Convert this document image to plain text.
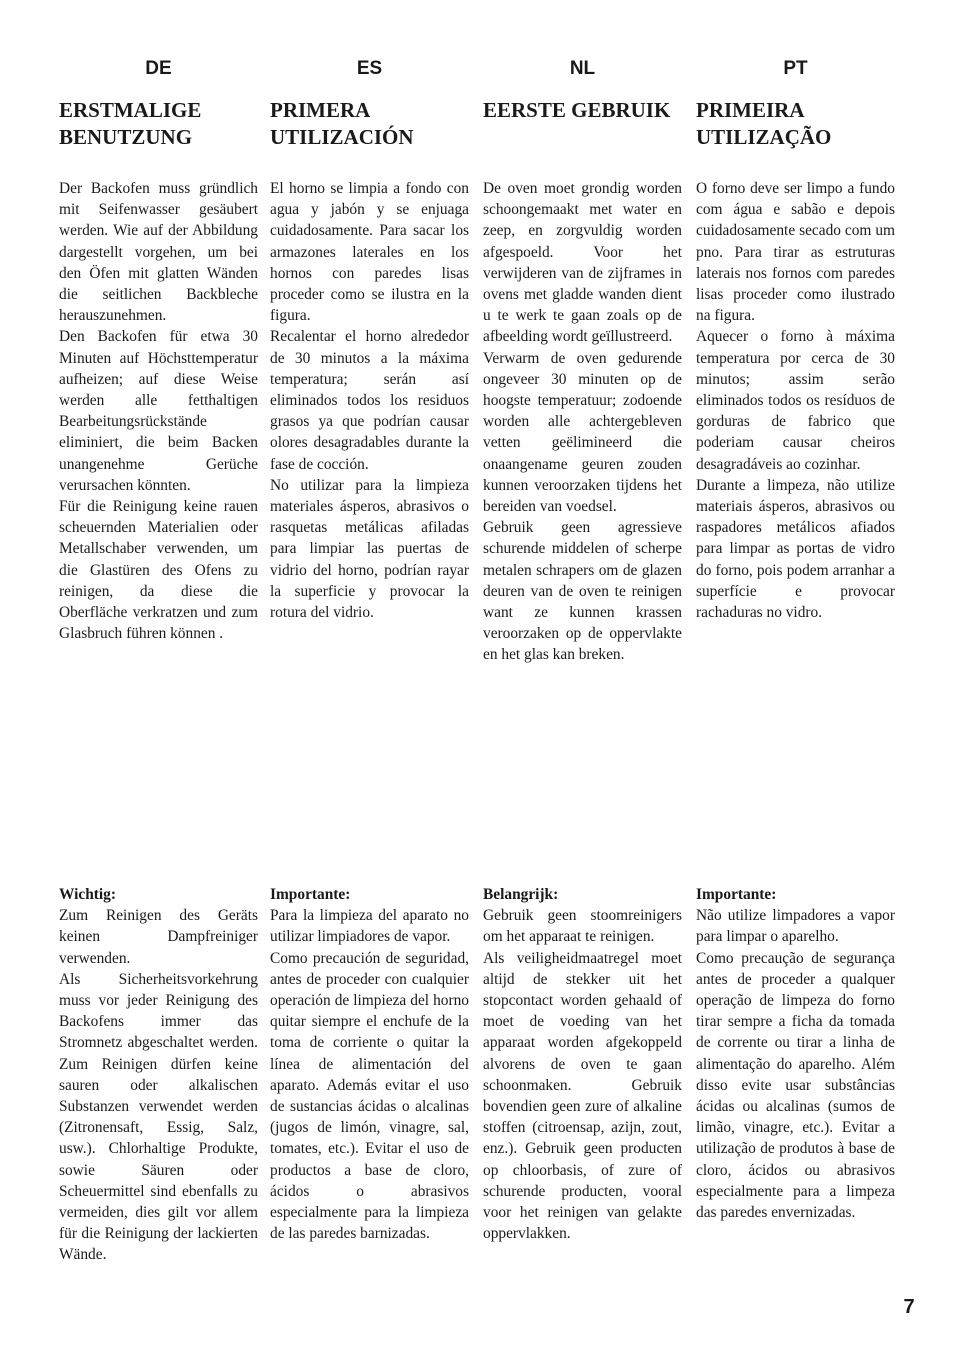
DE
ERSTMALIGE BENUTZUNG

Der Backofen muss gründlich mit Seifenwasser gesäubert werden. Wie auf der Abbildung dargestellt vorgehen, um bei den Öfen mit glatten Wänden die seitlichen Backbleche herauszunehmen.

Den Backofen für etwa 30 Minuten auf Höchsttemperatur aufheizen; auf diese Weise werden alle fetthaltigen Bearbeitungsrückstände eliminiert, die beim Backen unangenehme Gerüche verursachen könnten.

Für die Reinigung keine rauen scheuernden Materialien oder Metallschaber verwenden, um die Glastüren des Ofens zu reinigen, da diese die Oberfläche verkratzen und zum Glasbruch führen können .

Wichtig:

Zum Reinigen des Geräts keinen Dampfreiniger verwenden.

Als Sicherheitsvorkehrung muss vor jeder Reinigung des Backofens immer das Stromnetz abgeschaltet werden. Zum Reinigen dürfen keine sauren oder alkalischen Substanzen verwendet werden (Zitronensaft, Essig, Salz, usw.). Chlorhaltige Produkte, sowie Säuren oder Scheuermittel sind ebenfalls zu vermeiden, dies gilt vor allem für die Reinigung der lackierten Wände.

ES
PRIMERA UTILIZACIÓN

El horno se limpia a fondo con agua y jabón y se enjuaga cuidadosamente. Para sacar los armazones laterales en los hornos con paredes lisas proceder como se ilustra en la figura.

Recalentar el horno alrededor de 30 minutos a la máxima temperatura; serán así eliminados todos los residuos grasos ya que podrían causar olores desagradables durante la fase de cocción.

No utilizar para la limpieza materiales ásperos, abrasivos o rasquetas metálicas afiladas para limpiar las puertas de vidrio del horno, podrían rayar la superficie y provocar la rotura del vidrio.

Importante:

Para la limpieza del aparato no utilizar limpiadores de vapor.

Como precaución de seguridad, antes de proceder con cualquier operación de limpieza del horno quitar siempre el enchufe de la toma de corriente o quitar la línea de alimentación del aparato. Además evitar el uso de sustancias ácidas o alcalinas (jugos de limón, vinagre, sal, tomates, etc.). Evitar el uso de productos a base de cloro, ácidos o abrasivos especialmente para la limpieza de las paredes barnizadas.

NL
EERSTE GEBRUIK

De oven moet grondig worden schoongemaakt met water en zeep, en zorgvuldig worden afgespoeld. Voor het verwijderen van de zijframes in ovens met gladde wanden dient u te werk te gaan zoals op de afbeelding wordt geïllustreerd.

Verwarm de oven gedurende ongeveer 30 minuten op de hoogste temperatuur; zodoende worden alle achtergebleven vetten geëlimineerd die onaangename geuren zouden kunnen veroorzaken tijdens het bereiden van voedsel.

Gebruik geen agressieve schurende middelen of scherpe metalen schrapers om de glazen deuren van de oven te reinigen want ze kunnen krassen veroorzaken op de oppervlakte en het glas kan breken.

Belangrijk:

Gebruik geen stoomreinigers om het apparaat te reinigen.

Als veiligheidmaatregel moet altijd de stekker uit het stopcontact worden gehaald of moet de voeding van het apparaat worden afgekoppeld alvorens de oven te gaan schoonmaken. Gebruik bovendien geen zure of alkaline stoffen (citroensap, azijn, zout, enz.). Gebruik geen producten op chloorbasis, of zure of schurende producten, vooral voor het reinigen van gelakte oppervlakken.

PT
PRIMEIRA UTILIZAÇÃO

O forno deve ser limpo a fundo com água e sabão e depois cuidadosamente secado com um pno. Para tirar as estruturas laterais nos fornos com paredes lisas proceder como ilustrado na figura.

Aquecer o forno à máxima temperatura por cerca de 30 minutos; assim serão eliminados todos os resíduos de gorduras de fabrico que poderiam causar cheiros desagradáveis ao cozinhar.

Durante a limpeza, não utilize materiais ásperos, abrasivos ou raspadores metálicos afiados para limpar as portas de vidro do forno, pois podem arranhar a superfície e provocar rachaduras no vidro.

Importante:

Não utilize limpadores a vapor para limpar o aparelho.

Como precaução de segurança antes de proceder a qualquer operação de limpeza do forno tirar sempre a ficha da tomada de corrente ou tirar a linha de alimentação do aparelho. Além disso evite usar substâncias ácidas ou alcalinas (sumos de limão, vinagre, etc.). Evitar a utilização de produtos à base de cloro, ácidos ou abrasivos especialmente para a limpeza das paredes envernizadas.

7
